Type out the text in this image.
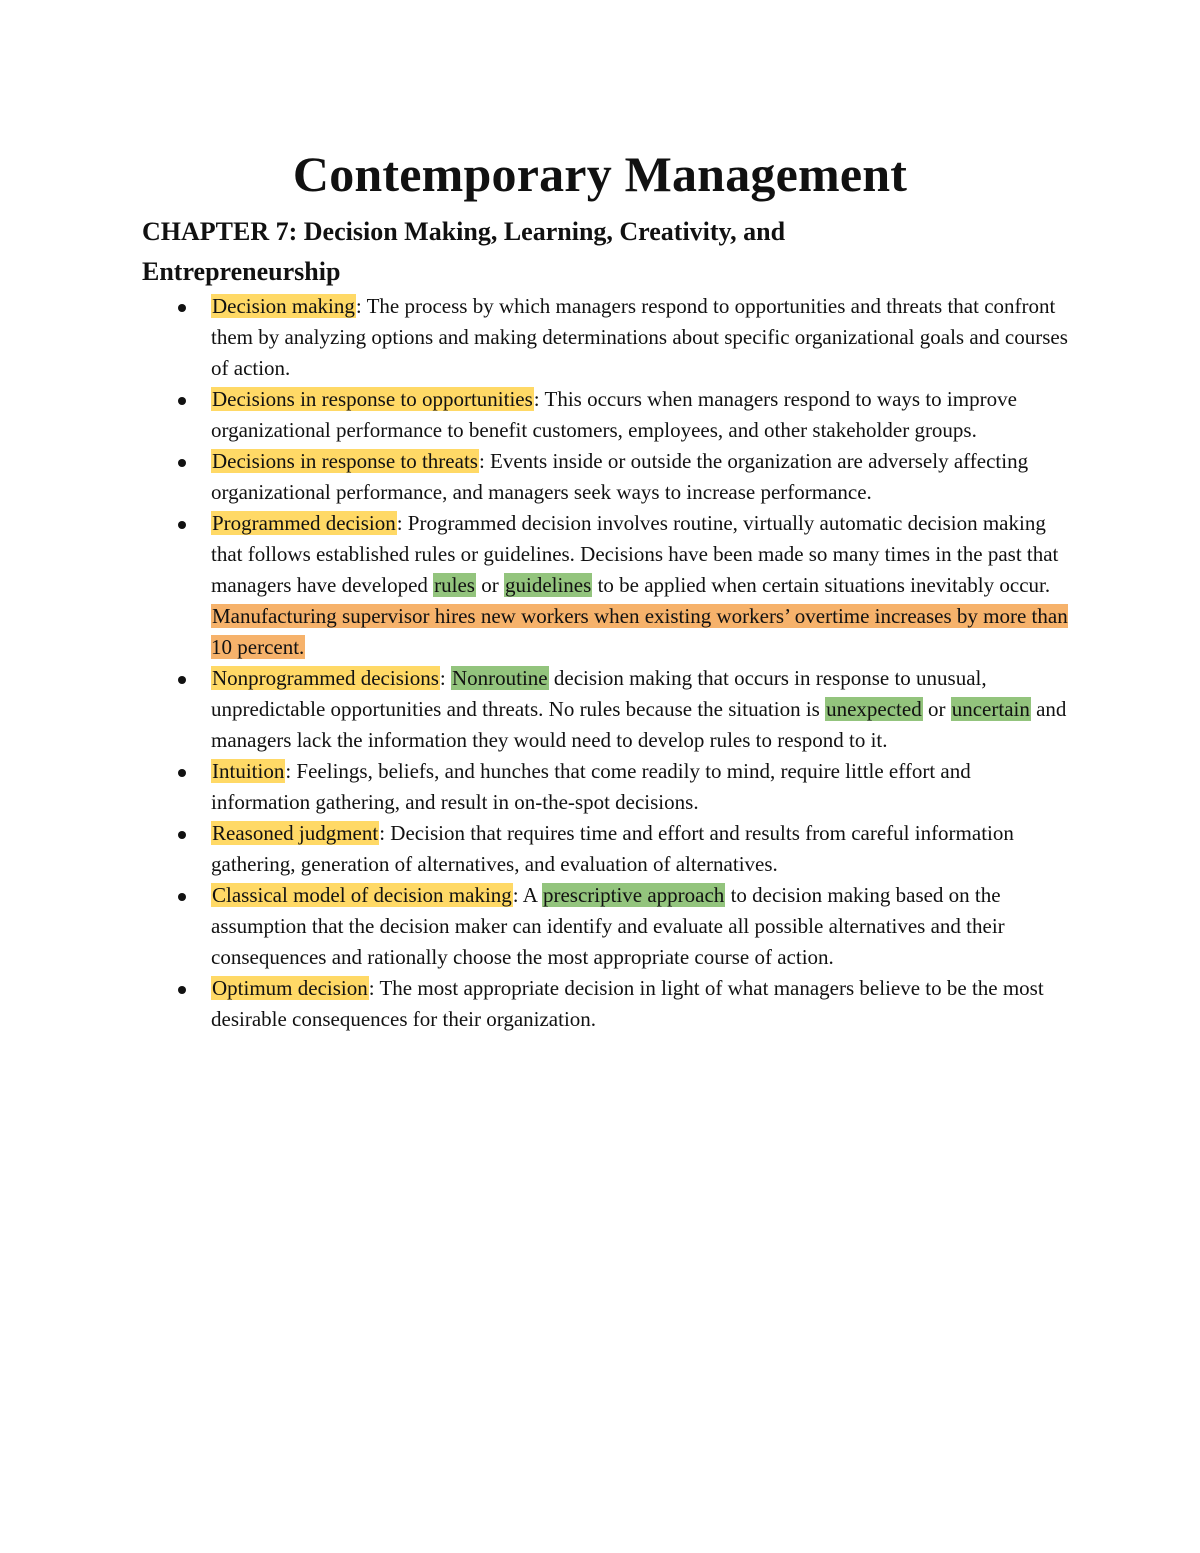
Contemporary Management
CHAPTER 7: Decision Making, Learning, Creativity, and Entrepreneurship
Decision making: The process by which managers respond to opportunities and threats that confront them by analyzing options and making determinations about specific organizational goals and courses of action.
Decisions in response to opportunities: This occurs when managers respond to ways to improve organizational performance to benefit customers, employees, and other stakeholder groups.
Decisions in response to threats: Events inside or outside the organization are adversely affecting organizational performance, and managers seek ways to increase performance.
Programmed decision: Programmed decision involves routine, virtually automatic decision making that follows established rules or guidelines. Decisions have been made so many times in the past that managers have developed rules or guidelines to be applied when certain situations inevitably occur. Manufacturing supervisor hires new workers when existing workers’ overtime increases by more than 10 percent.
Nonprogrammed decisions: Nonroutine decision making that occurs in response to unusual, unpredictable opportunities and threats. No rules because the situation is unexpected or uncertain and managers lack the information they would need to develop rules to respond to it.
Intuition: Feelings, beliefs, and hunches that come readily to mind, require little effort and information gathering, and result in on-the-spot decisions.
Reasoned judgment: Decision that requires time and effort and results from careful information gathering, generation of alternatives, and evaluation of alternatives.
Classical model of decision making: A prescriptive approach to decision making based on the assumption that the decision maker can identify and evaluate all possible alternatives and their consequences and rationally choose the most appropriate course of action.
Optimum decision: The most appropriate decision in light of what managers believe to be the most desirable consequences for their organization.
